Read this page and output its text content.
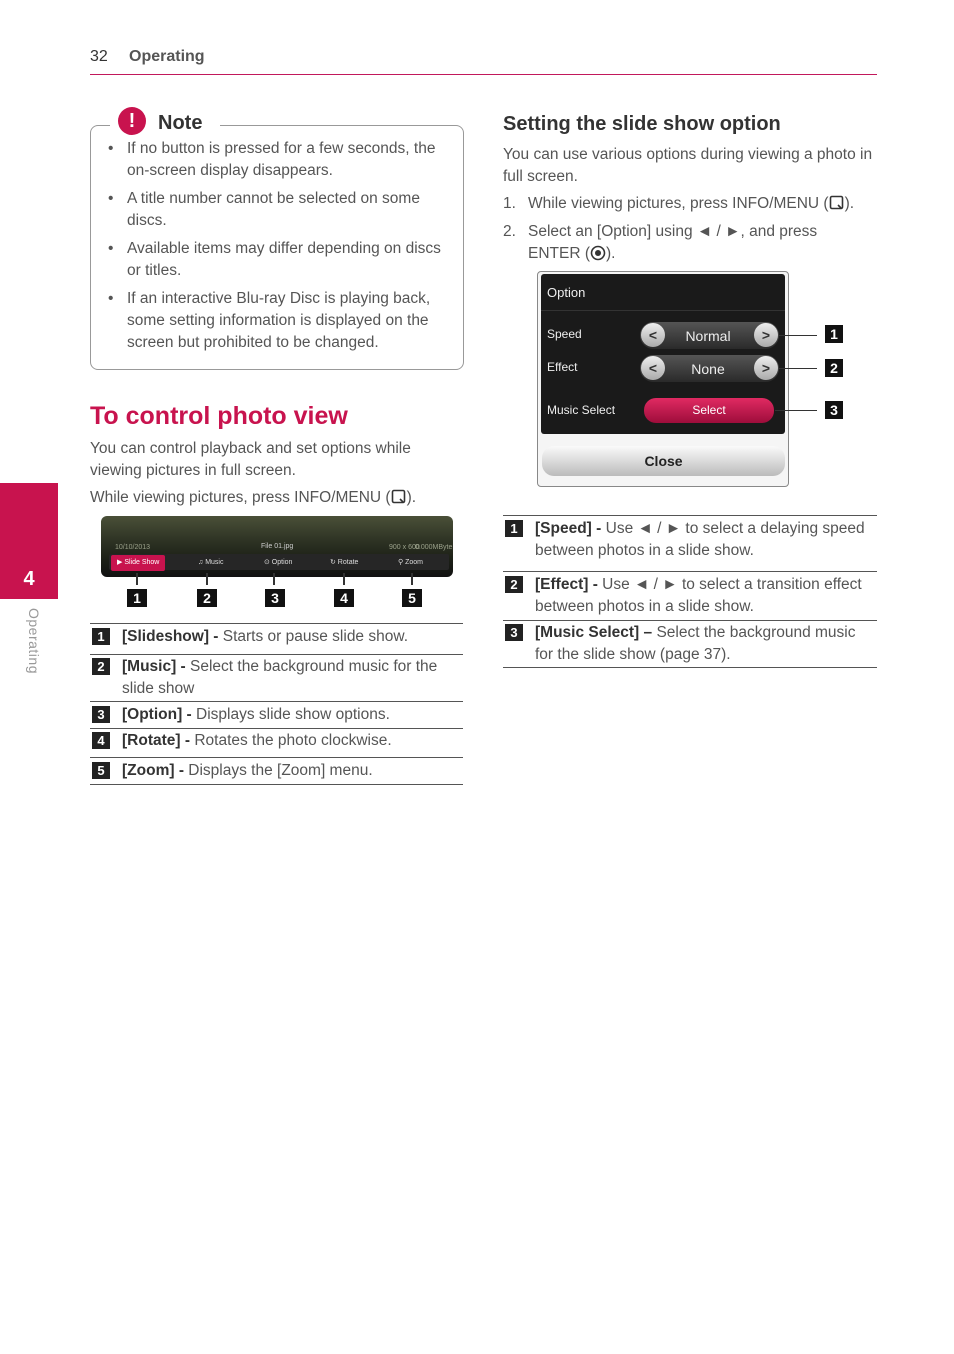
32 Operating
4
Operating
!	Note
• If no button is pressed for a few seconds, the on-screen display disappears.
• A title number cannot be selected on some discs.
• Available items may differ depending on discs or titles.
• If an interactive Blu-ray Disc is playing back, some setting information is displayed on the screen but prohibited to be changed.
To control photo view
You can control playback and set options while viewing pictures in full screen.
While viewing pictures, press INFO/MENU ( ).
10/10/2013	File 01.jpg	900 x 600
0.000MByte
▶ Slide Show	♫ Music	⊙ Option	↻ Rotate	⚲ Zoom
1	2	3	4	5
1	[Slideshow] - Starts or pause slide show.
2	[Music] - Select the background music for the slide show
3	[Option] - Displays slide show options.
4	[Rotate] - Rotates the photo clockwise.
5	[Zoom] - Displays the [Zoom] menu.
Setting the slide show option
You can use various options during viewing a photo in full screen.
1. While viewing pictures, press INFO/MENU ( ).
2. Select an [Option] using ◄ / ►, and press ENTER ( ).
Option
Speed	<	Normal	>
Effect	<	None	>
Music Select	Select
Close
1
2
3
1	[Speed] - Use ◄ / ► to select a delaying speed between photos in a slide show.
2	[Effect] - Use ◄ / ► to select a transition effect between photos in a slide show.
3	[Music Select] – Select the background music for the slide show (page 37).
